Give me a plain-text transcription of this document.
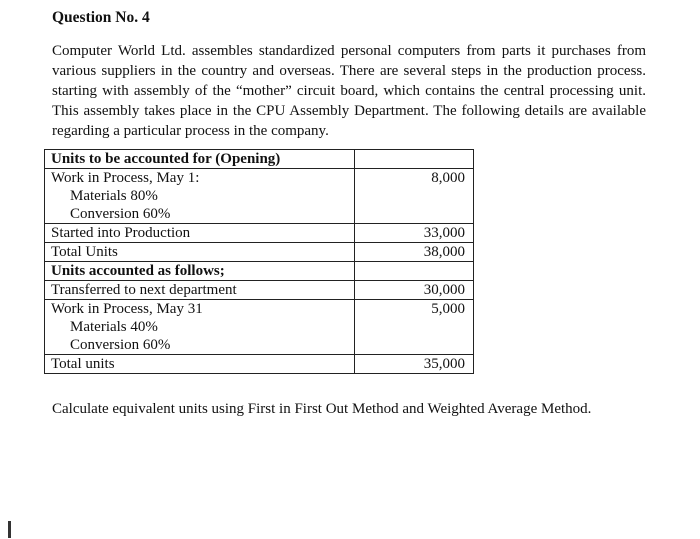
Question No. 4

Computer World Ltd. assembles standardized personal computers from parts it purchases from various suppliers in the country and overseas. There are several steps in the production process. starting with assembly of the “mother” circuit board, which contains the central processing unit. This assembly takes place in the CPU Assembly Department. The following details are available regarding a particular process in the company.

Units to be accounted for (Opening)	
Work in Process, May 1:	8,000
Materials 80%	
Conversion 60%	
Started into Production	33,000
Total Units	38,000
Units accounted as follows;	
Transferred to next department	30,000
Work in Process, May 31	5,000
Materials 40%	
Conversion 60%	
Total units	35,000
Calculate equivalent units using First in First Out Method and Weighted Average Method.
